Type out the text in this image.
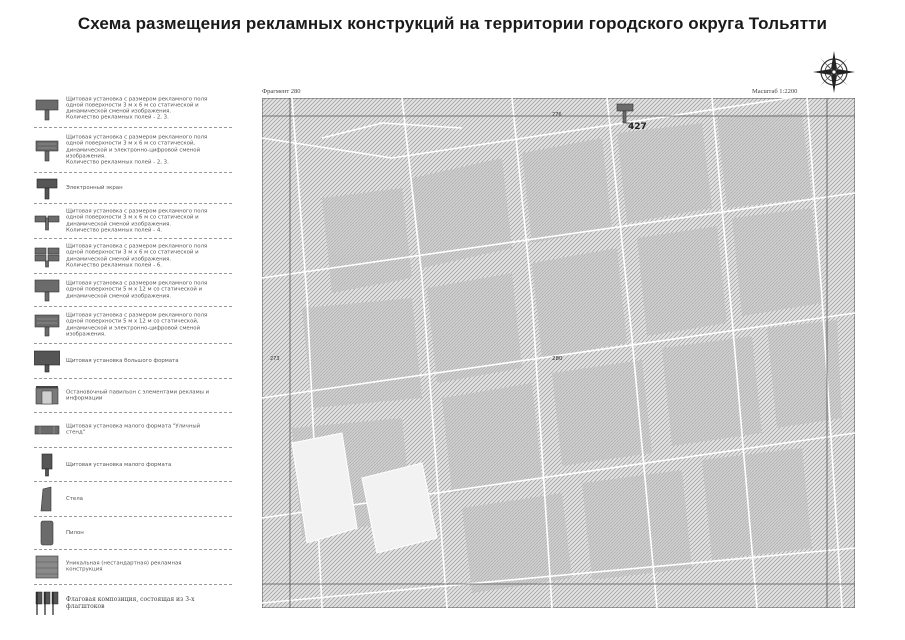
Схема размещения рекламных конструкций на территории городского округа Тольятти
Щитовая установка с размером рекламного поля
одной поверхности 3 м х 6 м со статической и
динамической сменой изображения.
Количество рекламных полей - 2, 3.
Щитовая установка с размером рекламного поля
одной поверхности 3 м х 6 м со статической,
динамической и электронно-цифровой сменой
изображения.
Количество рекламных полей - 2, 3.
Электронный экран
Щитовая установка с размером рекламного поля
одной поверхности 3 м х 6 м со статической и
динамической сменой изображения.
Количество рекламных полей - 4.
Щитовая установка с размером рекламного поля
одной поверхности 3 м х 6 м со статической и
динамической сменой изображения.
Количество рекламных полей - 6.
Щитовая установка с размером рекламного поля
одной поверхности 5 м х 12 м со статической и
динамической сменой изображения.
Щитовая установка с размером рекламного поля
одной поверхности 5 м х 12 м со статической,
динамической и электронно-цифровой сменой
изображения.
Щитовая установка большого формата
Остановочный павильон с элементами рекламы и
информации
Щитовая установка малого формата "Уличный
стенд"
Щитовая установка малого формата
Стела
Пилон
Уникальная (нестандартная) рекламная
конструкция
Флаговая композиция, состоящая из 3-х
флагштоков
Фрагмент 280	Масштаб 1:2200
427
276
273	280
